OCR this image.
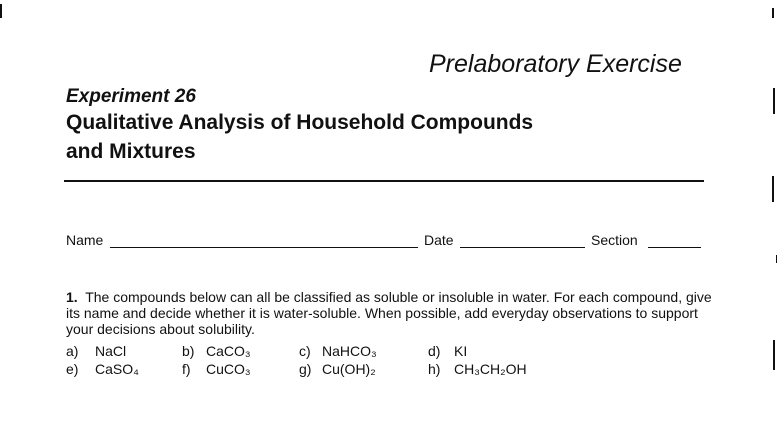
Prelaboratory Exercise
Experiment 26
Qualitative Analysis of Household Compounds
and Mixtures
Name	Date	Section
1. The compounds below can all be classified as soluble or insoluble in water. For each compound, give its name and decide whether it is water-soluble. When possible, add everyday observations to support your decisions about solubility.
a) NaCl	b) CaCO₃	c) NaHCO₃	d) KI
e) CaSO₄	f) CuCO₃	g) Cu(OH)₂	h) CH₃CH₂OH
